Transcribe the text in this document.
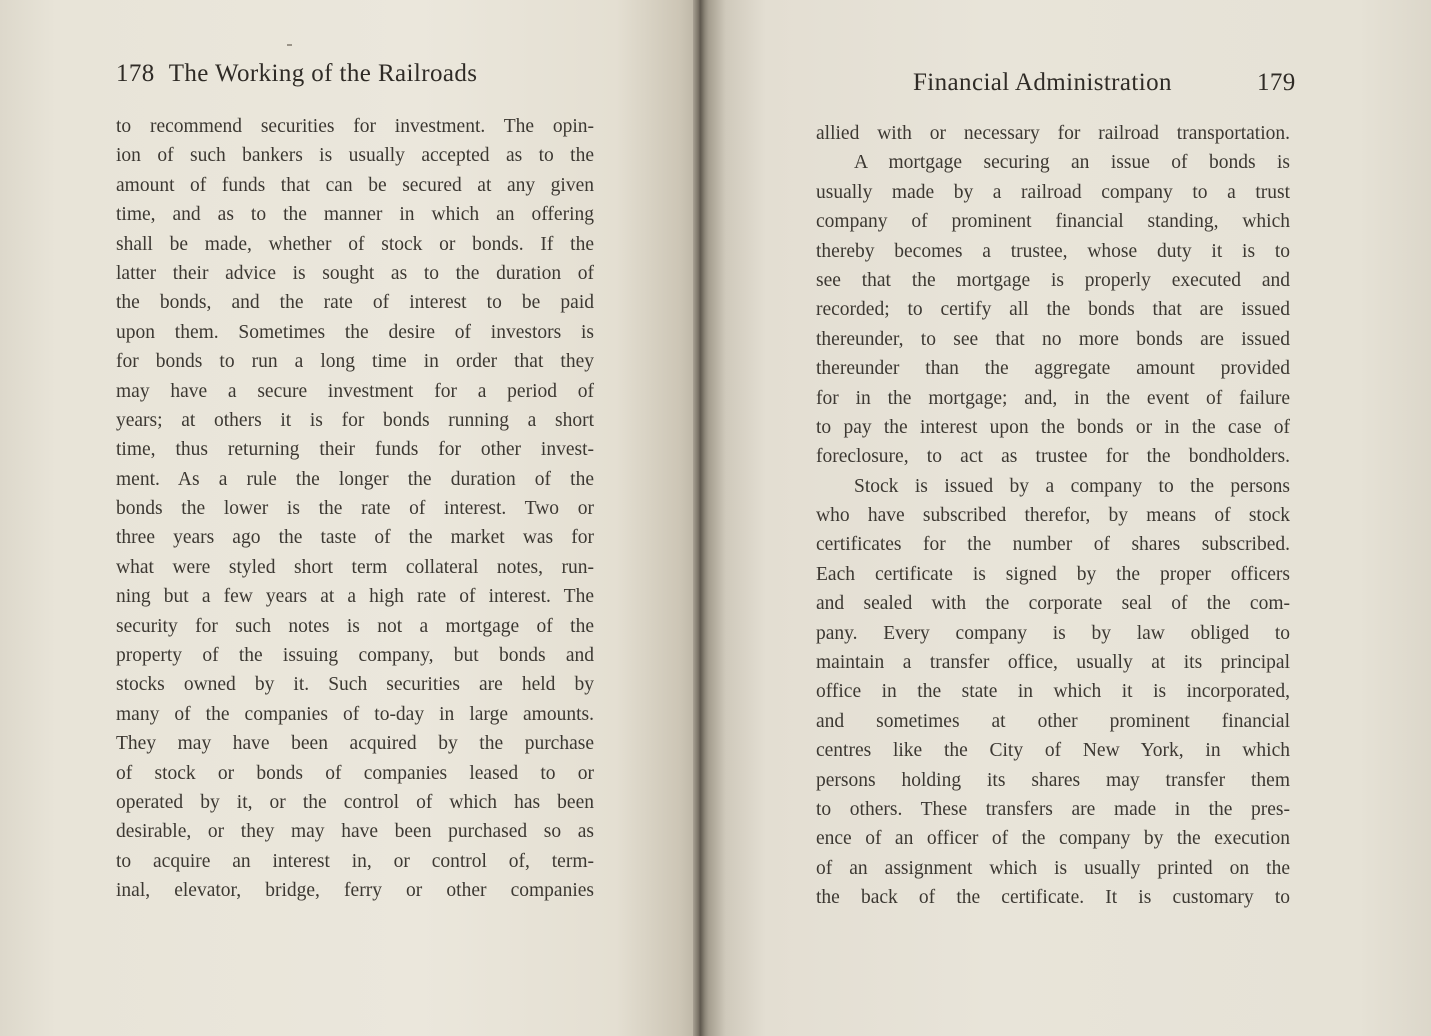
178 The Working of the Railroads
to recommend securities for investment. The opin-
ion of such bankers is usually accepted as to the
amount of funds that can be secured at any given
time, and as to the manner in which an offering
shall be made, whether of stock or bonds. If the
latter their advice is sought as to the duration of
the bonds, and the rate of interest to be paid
upon them. Sometimes the desire of investors is
for bonds to run a long time in order that they
may have a secure investment for a period of
years; at others it is for bonds running a short
time, thus returning their funds for other invest-
ment. As a rule the longer the duration of the
bonds the lower is the rate of interest. Two or
three years ago the taste of the market was for
what were styled short term collateral notes, run-
ning but a few years at a high rate of interest. The
security for such notes is not a mortgage of the
property of the issuing company, but bonds and
stocks owned by it. Such securities are held by
many of the companies of to-day in large amounts.
They may have been acquired by the purchase
of stock or bonds of companies leased to or
operated by it, or the control of which has been
desirable, or they may have been purchased so as
to acquire an interest in, or control of, term-
inal, elevator, bridge, ferry or other companies
Financial Administration	179
allied with or necessary for railroad transportation.
A mortgage securing an issue of bonds is
usually made by a railroad company to a trust
company of prominent financial standing, which
thereby becomes a trustee, whose duty it is to
see that the mortgage is properly executed and
recorded; to certify all the bonds that are issued
thereunder, to see that no more bonds are issued
thereunder than the aggregate amount provided
for in the mortgage; and, in the event of failure
to pay the interest upon the bonds or in the case of
foreclosure, to act as trustee for the bondholders.
Stock is issued by a company to the persons
who have subscribed therefor, by means of stock
certificates for the number of shares subscribed.
Each certificate is signed by the proper officers
and sealed with the corporate seal of the com-
pany. Every company is by law obliged to
maintain a transfer office, usually at its principal
office in the state in which it is incorporated,
and sometimes at other prominent financial
centres like the City of New York, in which
persons holding its shares may transfer them
to others. These transfers are made in the pres-
ence of an officer of the company by the execution
of an assignment which is usually printed on the
the back of the certificate. It is customary to
